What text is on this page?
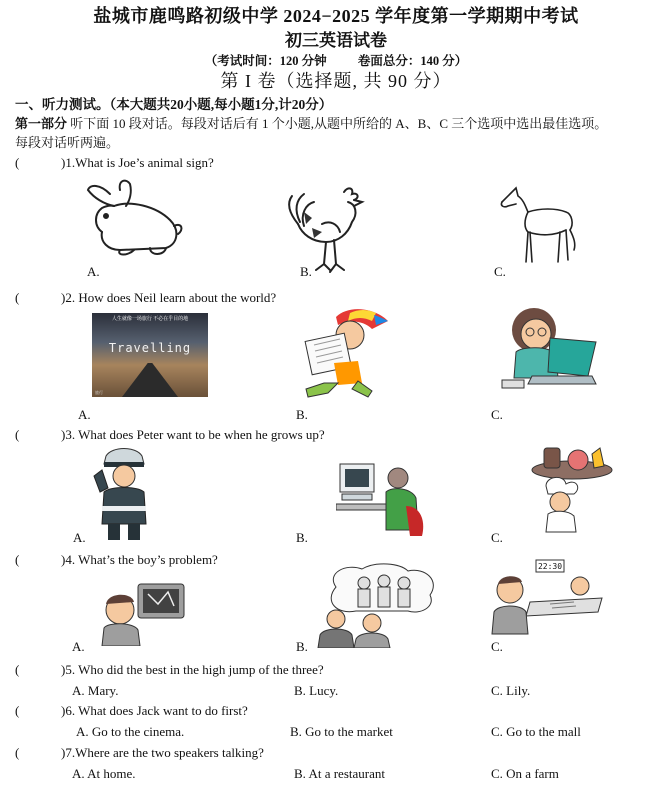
盐城市鹿鸣路初级中学 2024−2025 学年度第一学期期中考试
初三英语试卷
（考试时间：120 分钟 卷面总分：140 分）
第 I 卷（选择题, 共 90 分）
一、听力测试。（本大题共20小题,每小题1分,计20分）
第一部分 听下面 10 段对话。每段对话后有 1 个小题,从题中所给的 A、B、C 三个选项中选出最佳选项。
每段对话听两遍。
(	)1.What is Joe’s animal sign?
A.	B.	C.
(	)2. How does Neil learn about the world?
人生就像一场旅行 不必在乎目的地
Travelling
旅行
A.	B.	C.
(	)3. What does Peter want to be when he grows up?
A.	B.	C.
(	)4. What’s the boy’s problem?	22:30
A.	B.	C.
(	)5. Who did the best in the high jump of the three?
A. Mary.	B. Lucy.	C. Lily.
(	)6. What does Jack want to do first?
A. Go to the cinema.	B. Go to the market	C. Go to the mall
(	)7.Where are the two speakers talking?
A. At home.	B. At a restaurant	C. On a farm
